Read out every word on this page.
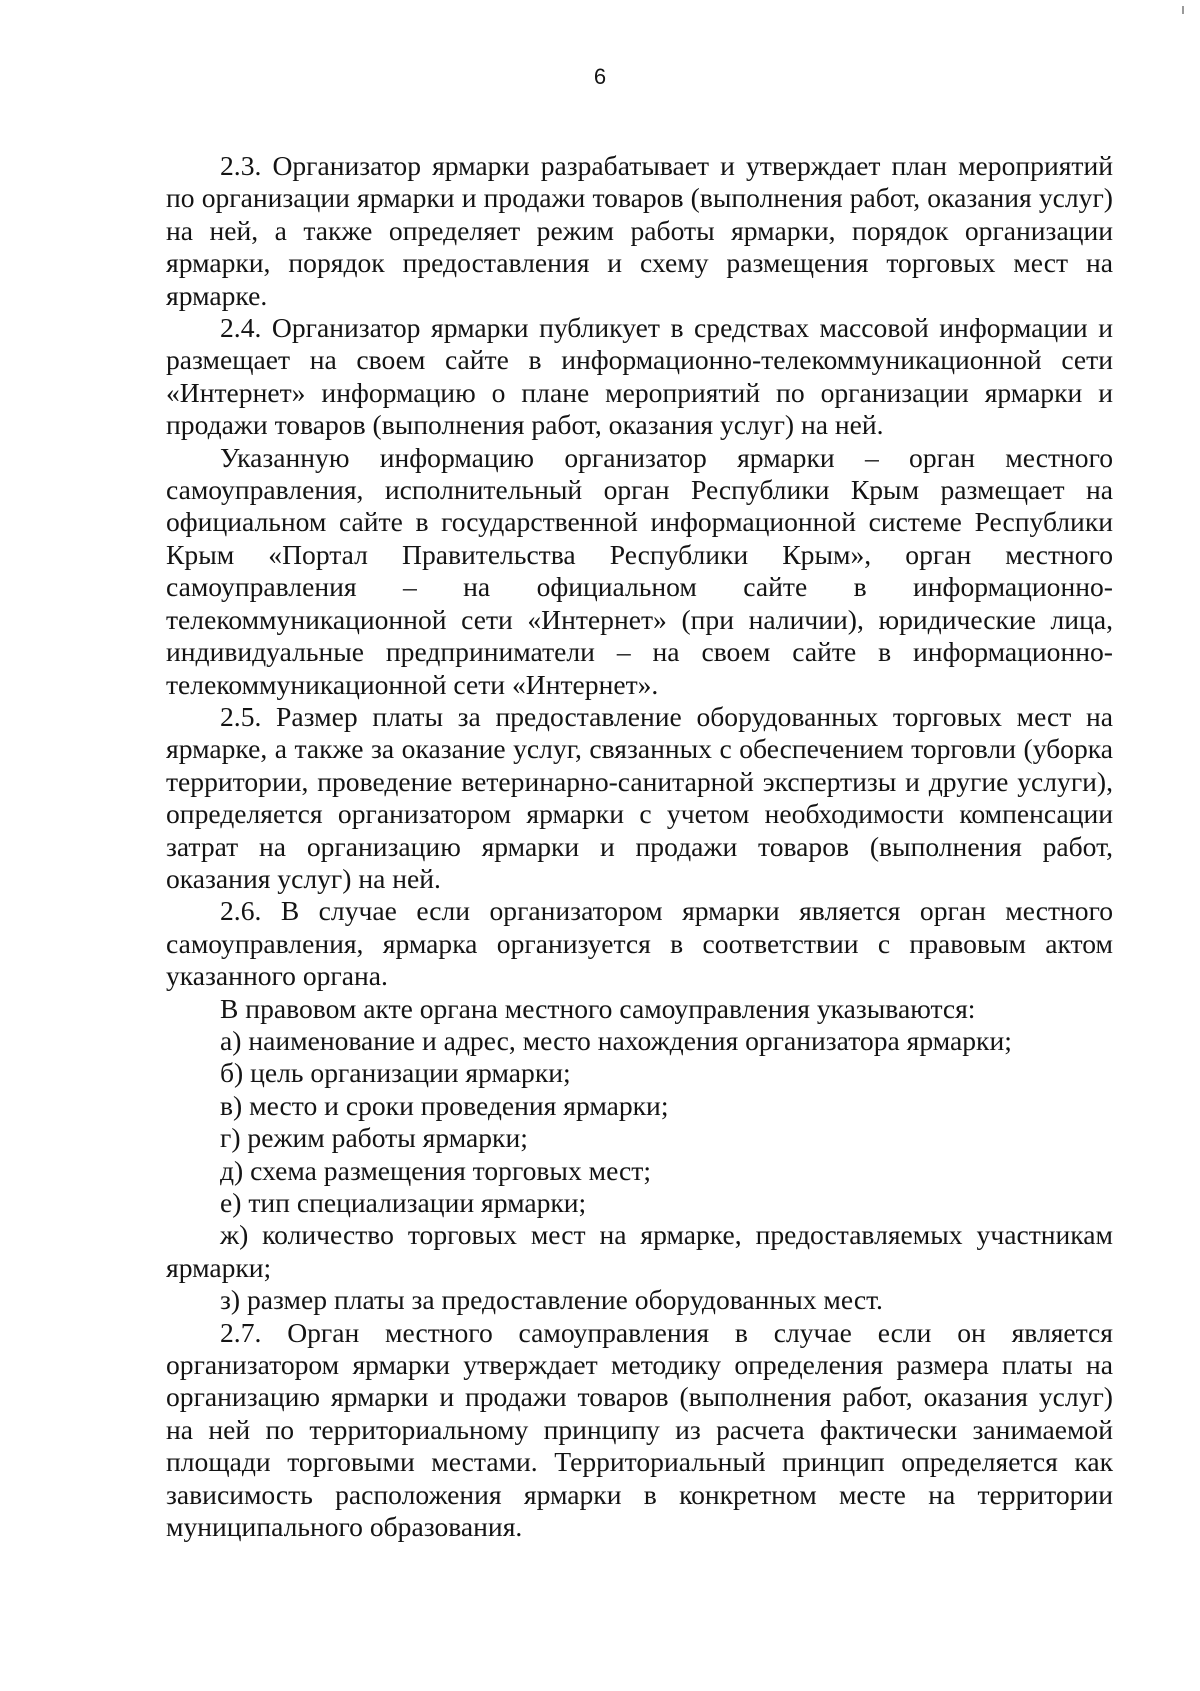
6

2.3. Организатор ярмарки разрабатывает и утверждает план мероприятий по организации ярмарки и продажи товаров (выполнения работ, оказания услуг) на ней, а также определяет режим работы ярмарки, порядок организации ярмарки, порядок предоставления и схему размещения торговых мест на ярмарке.

2.4. Организатор ярмарки публикует в средствах массовой информации и размещает на своем сайте в информационно-телекоммуникационной сети «Интернет» информацию о плане мероприятий по организации ярмарки и продажи товаров (выполнения работ, оказания услуг) на ней.

Указанную информацию организатор ярмарки – орган местного самоуправления, исполнительный орган Республики Крым размещает на официальном сайте в государственной информационной системе Республики Крым «Портал Правительства Республики Крым», орган местного самоуправления – на официальном сайте в информационно-телекоммуникационной сети «Интернет» (при наличии), юридические лица, индивидуальные предприниматели – на своем сайте в информационно-телекоммуникационной сети «Интернет».

2.5. Размер платы за предоставление оборудованных торговых мест на ярмарке, а также за оказание услуг, связанных с обеспечением торговли (уборка территории, проведение ветеринарно-санитарной экспертизы и другие услуги), определяется организатором ярмарки с учетом необходимости компенсации затрат на организацию ярмарки и продажи товаров (выполнения работ, оказания услуг) на ней.

2.6. В случае если организатором ярмарки является орган местного самоуправления, ярмарка организуется в соответствии с правовым актом указанного органа.

В правовом акте органа местного самоуправления указываются:

а) наименование и адрес, место нахождения организатора ярмарки;

б) цель организации ярмарки;

в) место и сроки проведения ярмарки;

г) режим работы ярмарки;

д) схема размещения торговых мест;

е) тип специализации ярмарки;

ж) количество торговых мест на ярмарке, предоставляемых участникам ярмарки;

з) размер платы за предоставление оборудованных мест.

2.7. Орган местного самоуправления в случае если он является организатором ярмарки утверждает методику определения размера платы на организацию ярмарки и продажи товаров (выполнения работ, оказания услуг) на ней по территориальному принципу из расчета фактически занимаемой площади торговыми местами. Территориальный принцип определяется как зависимость расположения ярмарки в конкретном месте на территории муниципального образования.
